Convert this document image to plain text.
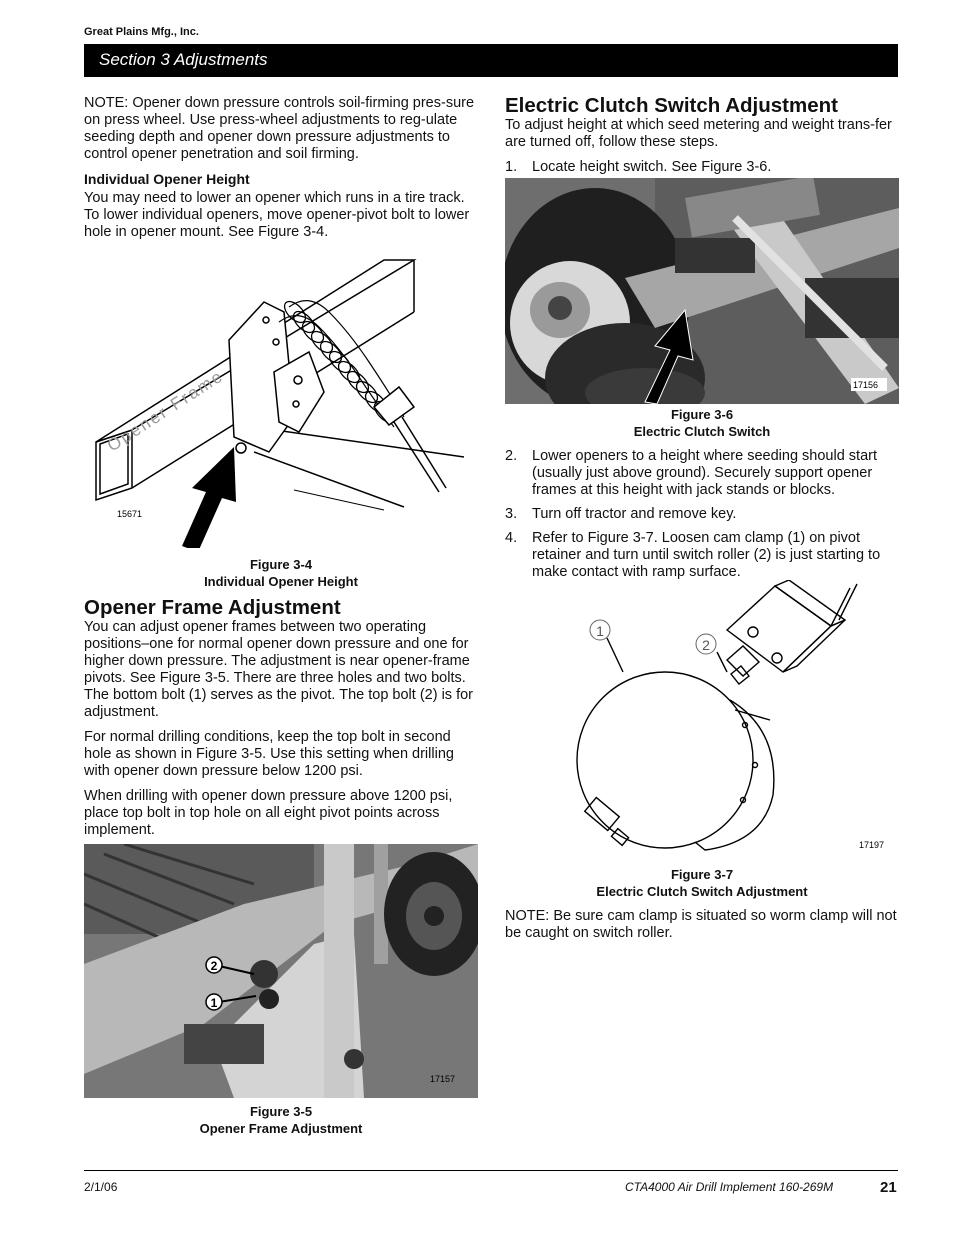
Great Plains Mfg., Inc.
Section 3 Adjustments

NOTE: Opener down pressure controls soil-firming pres-sure on press wheel. Use press-wheel adjustments to reg-ulate seeding depth and opener down pressure adjustments to control opener penetration and soil firming.

Individual Opener Height

You may need to lower an opener which runs in a tire track. To lower individual openers, move opener-pivot bolt to lower hole in opener mount. See Figure 3-4.

Opener Frame
15671
Figure 3-4
Individual Opener Height
Opener Frame Adjustment

You can adjust opener frames between two operating positions–one for normal opener down pressure and one for higher down pressure. The adjustment is near opener-frame pivots. See Figure 3-5. There are three holes and two bolts. The bottom bolt (1) serves as the pivot. The top bolt (2) is for adjustment.

For normal drilling conditions, keep the top bolt in second hole as shown in Figure 3-5. Use this setting when drilling with opener down pressure below 1200 psi.

When drilling with opener down pressure above 1200 psi, place top bolt in top hole on all eight pivot points across implement.

2
1
17157
Figure 3-5
Opener Frame Adjustment
Electric Clutch Switch Adjustment

To adjust height at which seed metering and weight trans-fer are turned off, follow these steps.

1.	Locate height switch. See Figure 3-6.
17156
Figure 3-6
Electric Clutch Switch
2.	Lower openers to a height where seeding should start (usually just above ground). Securely support opener frames at this height with jack stands or blocks.
3.	Turn off tractor and remove key.
4.	Refer to Figure 3-7. Loosen cam clamp (1) on pivot retainer and turn until switch roller (2) is just starting to make contact with ramp surface.
1
2
17197
Figure 3-7
Electric Clutch Switch Adjustment

NOTE: Be sure cam clamp is situated so worm clamp will not be caught on switch roller.

2/1/06	CTA4000 Air Drill Implement 160-269M	21
